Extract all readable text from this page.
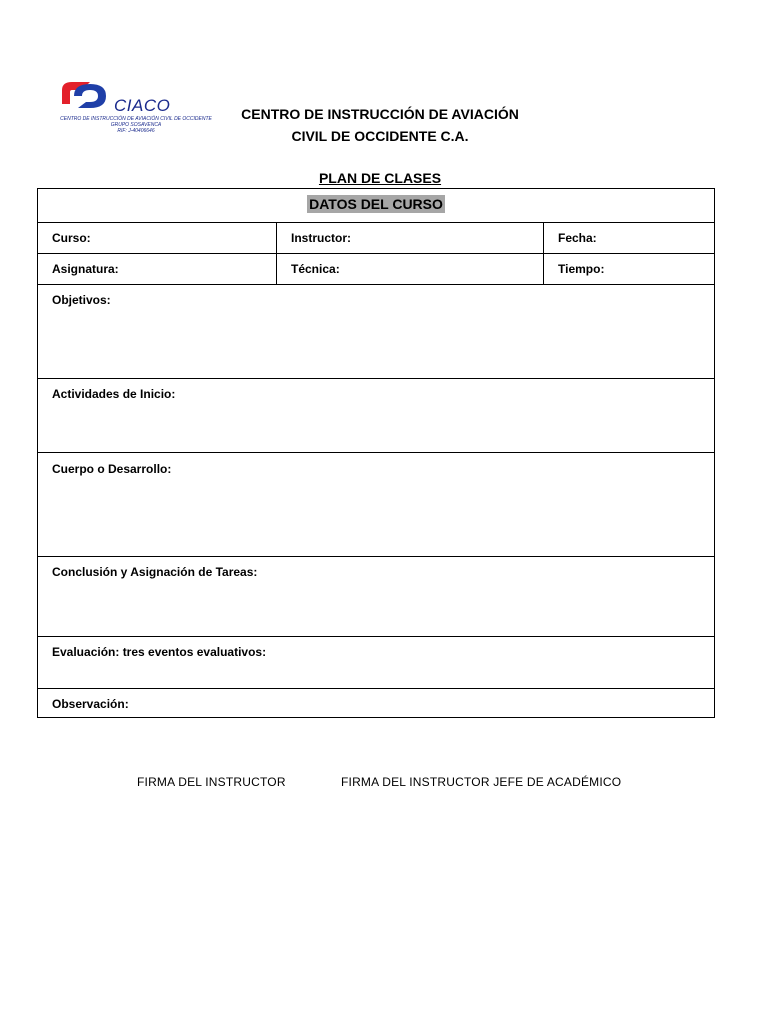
CIACO
CENTRO DE INSTRUCCIÓN DE AVIACIÓN CIVIL DE OCCIDENTE
GRUPO SOSAVENCA
RIF: J-40406646
CENTRO DE INSTRUCCIÓN DE AVIACIÓN
CIVIL DE OCCIDENTE C.A.
PLAN DE CLASES
DATOS DEL CURSO
Curso:	Instructor:	Fecha:
Asignatura:	Técnica:	Tiempo:
Objetivos:
Actividades de Inicio:
Cuerpo o Desarrollo:
Conclusión y Asignación de Tareas:
Evaluación: tres eventos evaluativos:
Observación:
FIRMA DEL INSTRUCTOR	FIRMA DEL INSTRUCTOR JEFE DE ACADÉMICO
